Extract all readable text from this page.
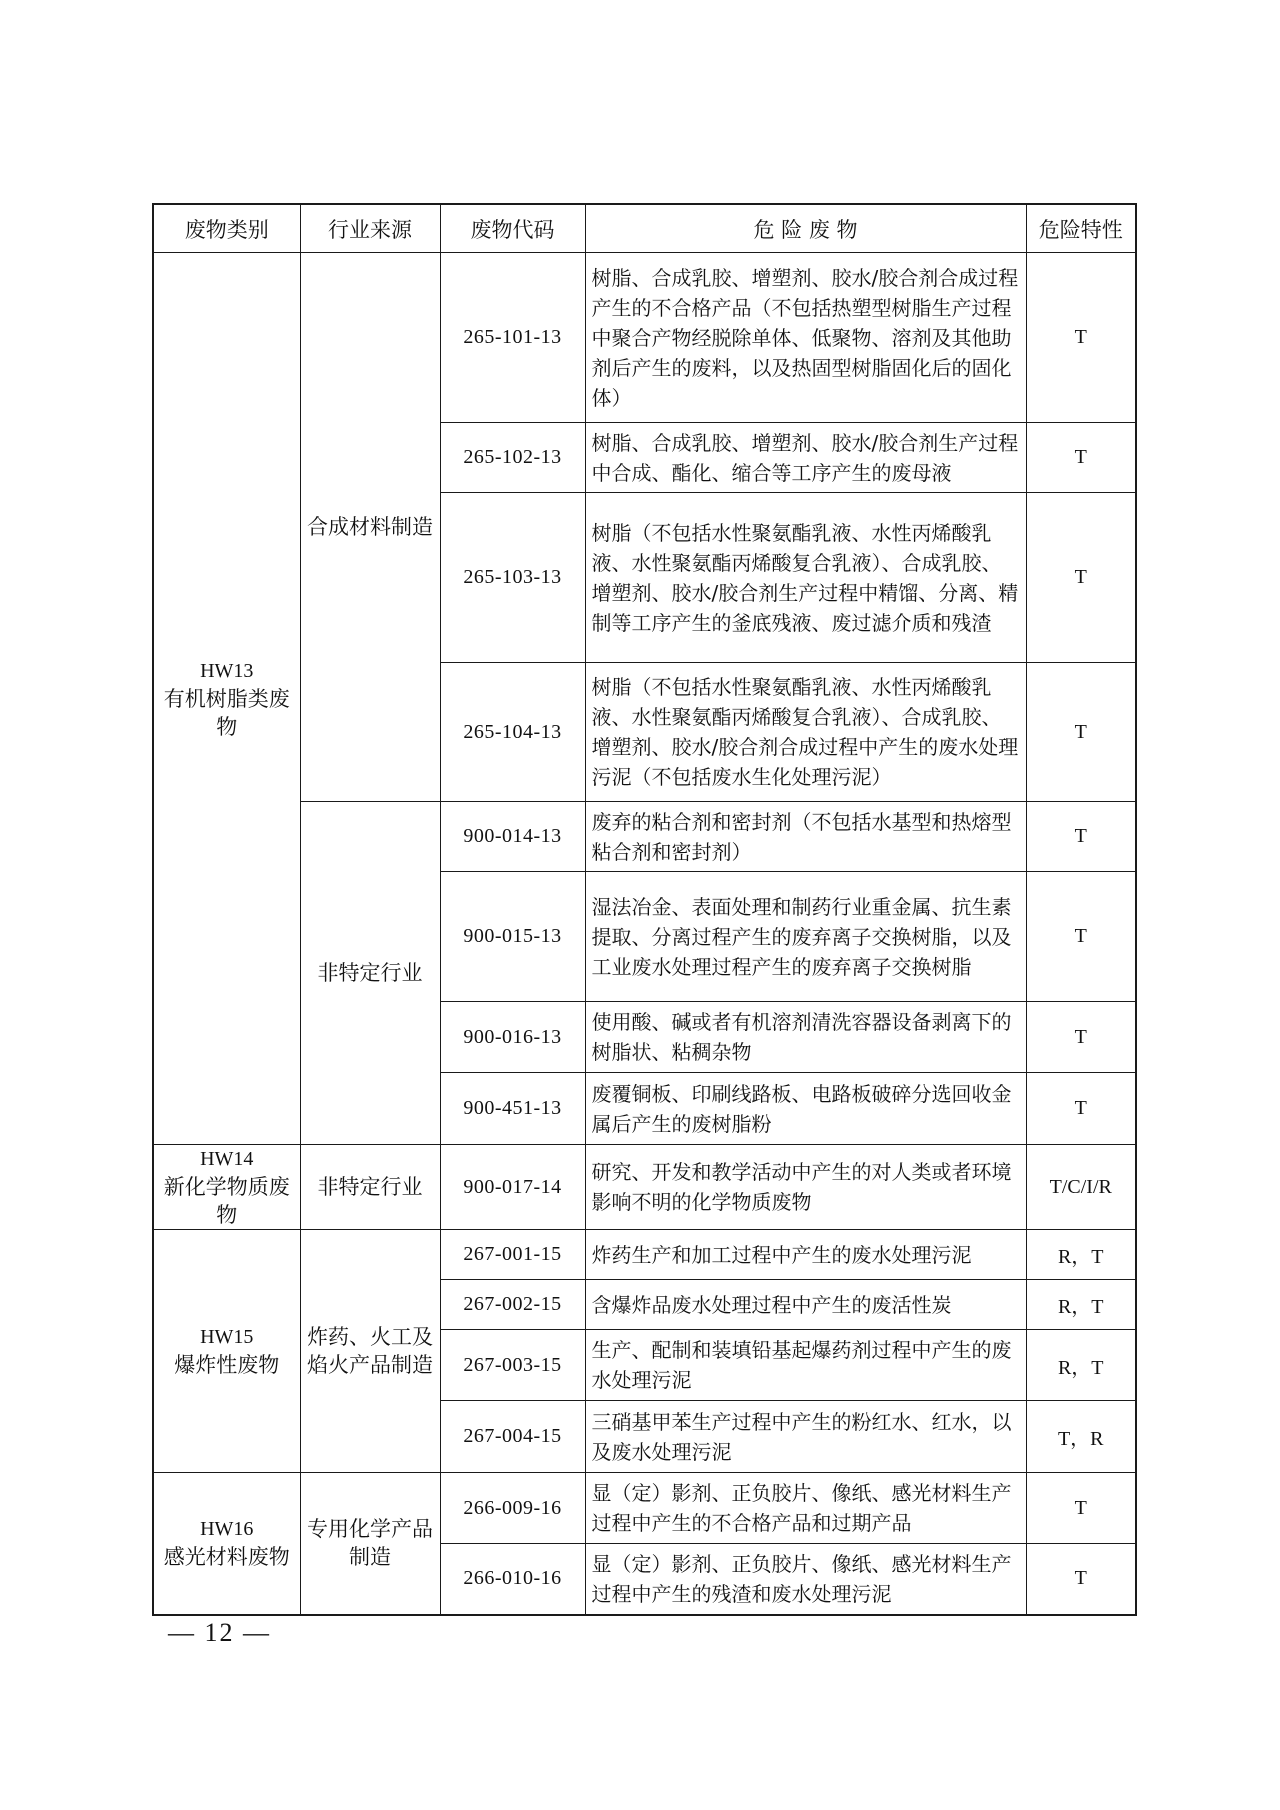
废物类别	行业来源	废物代码	危 险 废 物	危险特性

HW13
有机树脂类废物	合成材料制造	265-101-13	树脂、合成乳胶、增塑剂、胶水/胶合剂合成过程产生的不合格产品（不包括热塑型树脂生产过程中聚合产物经脱除单体、低聚物、溶剂及其他助剂后产生的废料，以及热固型树脂固化后的固化体）	T
		265-102-13	树脂、合成乳胶、增塑剂、胶水/胶合剂生产过程中合成、酯化、缩合等工序产生的废母液	T
		265-103-13	树脂（不包括水性聚氨酯乳液、水性丙烯酸乳液、水性聚氨酯丙烯酸复合乳液）、合成乳胶、增塑剂、胶水/胶合剂生产过程中精馏、分离、精制等工序产生的釜底残液、废过滤介质和残渣	T
		265-104-13	树脂（不包括水性聚氨酯乳液、水性丙烯酸乳液、水性聚氨酯丙烯酸复合乳液）、合成乳胶、增塑剂、胶水/胶合剂合成过程中产生的废水处理污泥（不包括废水生化处理污泥）	T
	非特定行业	900-014-13	废弃的粘合剂和密封剂（不包括水基型和热熔型粘合剂和密封剂）	T
		900-015-13	湿法冶金、表面处理和制药行业重金属、抗生素提取、分离过程产生的废弃离子交换树脂，以及工业废水处理过程产生的废弃离子交换树脂	T
		900-016-13	使用酸、碱或者有机溶剂清洗容器设备剥离下的树脂状、粘稠杂物	T
		900-451-13	废覆铜板、印刷线路板、电路板破碎分选回收金属后产生的废树脂粉	T

HW14
新化学物质废物	非特定行业	900-017-14	研究、开发和教学活动中产生的对人类或者环境影响不明的化学物质废物	T/C/I/R

HW15
爆炸性废物	炸药、火工及焰火产品制造	267-001-15	炸药生产和加工过程中产生的废水处理污泥	R，T
		267-002-15	含爆炸品废水处理过程中产生的废活性炭	R，T
		267-003-15	生产、配制和装填铅基起爆药剂过程中产生的废水处理污泥	R，T
		267-004-15	三硝基甲苯生产过程中产生的粉红水、红水，以及废水处理污泥	T，R

HW16
感光材料废物	专用化学产品制造	266-009-16	显（定）影剂、正负胶片、像纸、感光材料生产过程中产生的不合格产品和过期产品	T
		266-010-16	显（定）影剂、正负胶片、像纸、感光材料生产过程中产生的残渣和废水处理污泥	T
— 12 —
